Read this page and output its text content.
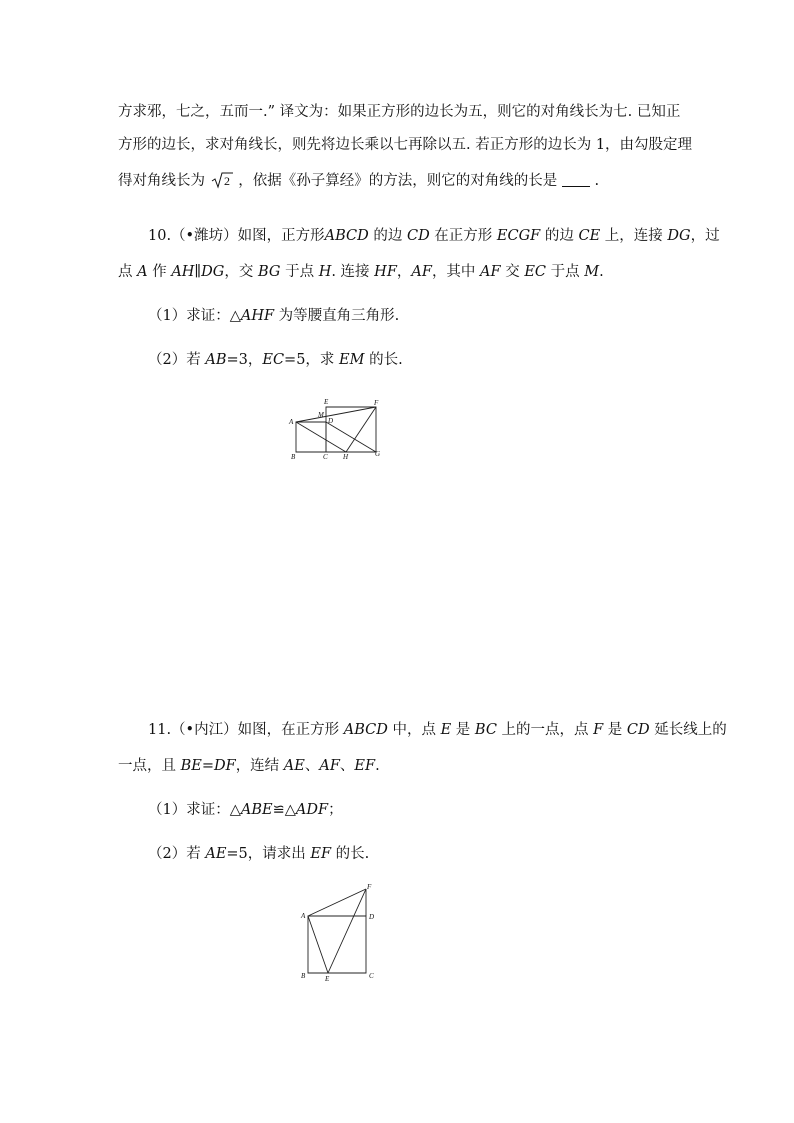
方求邪，七之，五而一.” 译文为：如果正方形的边长为五，则它的对角线长为七. 已知正
方形的边长，求对角线长，则先将边长乘以七再除以五. 若正方形的边长为 1，由勾股定理
得对角线长为 2 ，依据《孙子算经》的方法，则它的对角线的长是	.
10.（•潍坊）如图，正方形ABCD 的边 CD 在正方形 ECGF 的边 CE 上，连接 DG，过
点 A 作 AH∥DG，交 BG 于点 H. 连接 HF，AF，其中 AF 交 EC 于点 M.
（1）求证：△AHF 为等腰直角三角形.
（2）若 AB=3，EC=5，求 EM 的长.
E	F
M
A	D
B	C H	G
11.（•内江）如图，在正方形 ABCD 中，点 E 是 BC 上的一点，点 F 是 CD 延长线上的
一点，且 BE=DF，连结 AE、AF、EF.
（1）求证：△ABE≌△ADF；
（2）若 AE=5，请求出 EF 的长.
F
A	D
B	E	C
